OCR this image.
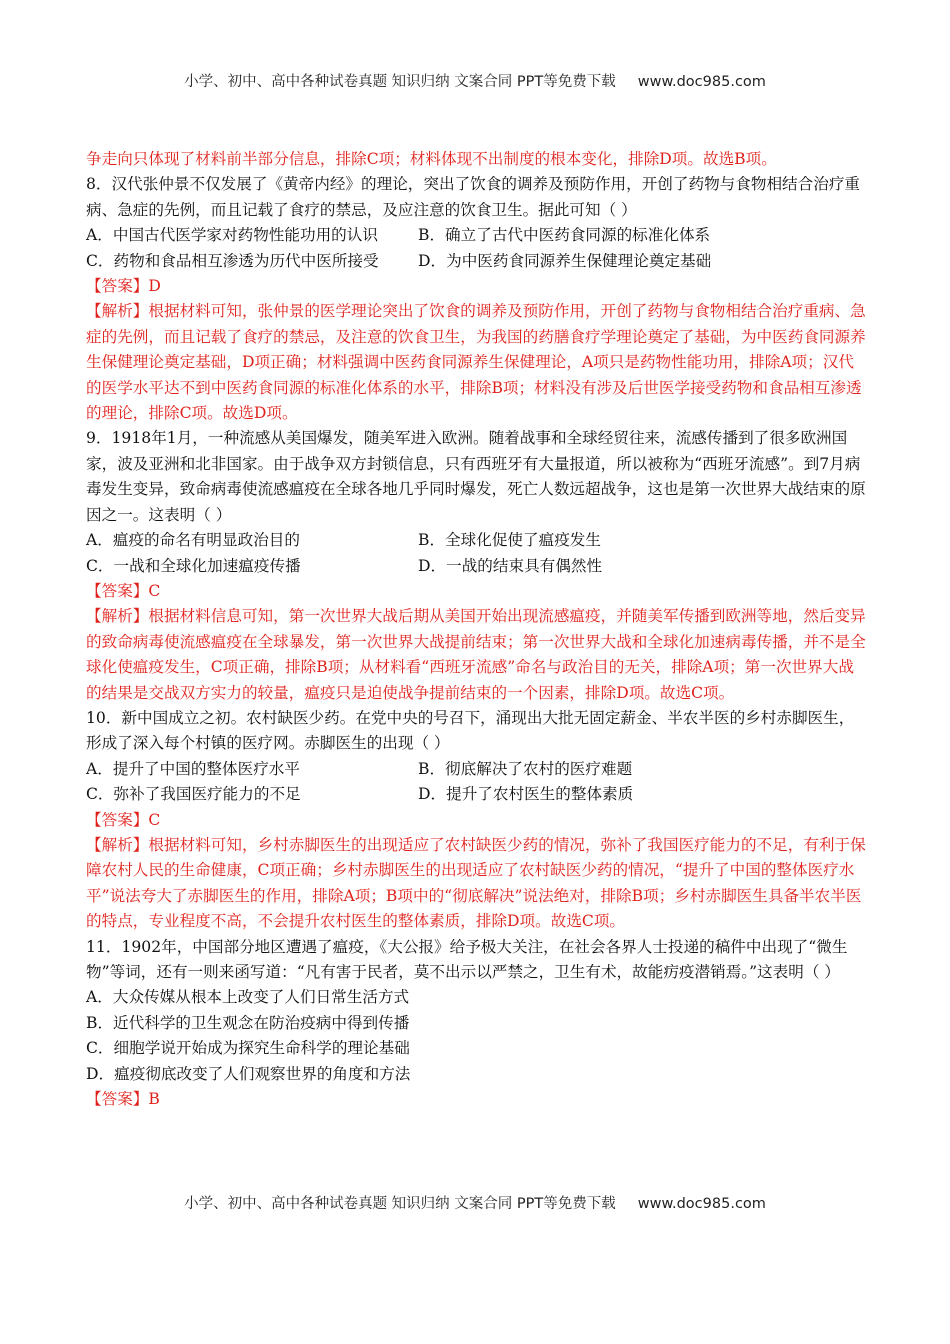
小学、初中、高中各种试卷真题 知识归纳 文案合同 PPT等免费下载 www.doc985.com

争走向只体现了材料前半部分信息，排除C项；材料体现不出制度的根本变化，排除D项。故选B项。

8．汉代张仲景不仅发展了《黄帝内经》的理论，突出了饮食的调养及预防作用，开创了药物与食物相结合治疗重病、急症的先例，而且记载了食疗的禁忌，及应注意的饮食卫生。据此可知（ ）

A．中国古代医学家对药物性能功用的认识	B．确立了古代中医药食同源的标准化体系
C．药物和食品相互渗透为历代中医所接受	D．为中医药食同源养生保健理论奠定基础

【答案】D

【解析】根据材料可知，张仲景的医学理论突出了饮食的调养及预防作用，开创了药物与食物相结合治疗重病、急症的先例，而且记载了食疗的禁忌，及注意的饮食卫生，为我国的药膳食疗学理论奠定了基础，为中医药食同源养生保健理论奠定基础，D项正确；材料强调中医药食同源养生保健理论，A项只是药物性能功用，排除A项；汉代的医学水平达不到中医药食同源的标准化体系的水平，排除B项；材料没有涉及后世医学接受药物和食品相互渗透的理论，排除C项。故选D项。

9．1918年1月，一种流感从美国爆发，随美军进入欧洲。随着战事和全球经贸往来，流感传播到了很多欧洲国家，波及亚洲和北非国家。由于战争双方封锁信息，只有西班牙有大量报道，所以被称为“西班牙流感”。到7月病毒发生变异，致命病毒使流感瘟疫在全球各地几乎同时爆发，死亡人数远超战争，这也是第一次世界大战结束的原因之一。这表明（ ）

A．瘟疫的命名有明显政治目的	B．全球化促使了瘟疫发生
C．一战和全球化加速瘟疫传播	D．一战的结束具有偶然性

【答案】C

【解析】根据材料信息可知，第一次世界大战后期从美国开始出现流感瘟疫，并随美军传播到欧洲等地，然后变异的致命病毒使流感瘟疫在全球暴发，第一次世界大战提前结束；第一次世界大战和全球化加速病毒传播，并不是全球化使瘟疫发生，C项正确，排除B项；从材料看“西班牙流感”命名与政治目的无关，排除A项；第一次世界大战的结果是交战双方实力的较量，瘟疫只是迫使战争提前结束的一个因素，排除D项。故选C项。

10．新中国成立之初。农村缺医少药。在党中央的号召下，涌现出大批无固定薪金、半农半医的乡村赤脚医生，形成了深入每个村镇的医疗网。赤脚医生的出现（ ）

A．提升了中国的整体医疗水平	B．彻底解决了农村的医疗难题
C．弥补了我国医疗能力的不足	D．提升了农村医生的整体素质

【答案】C

【解析】根据材料可知，乡村赤脚医生的出现适应了农村缺医少药的情况，弥补了我国医疗能力的不足，有利于保障农村人民的生命健康，C项正确；乡村赤脚医生的出现适应了农村缺医少药的情况，“提升了中国的整体医疗水平”说法夸大了赤脚医生的作用，排除A项；B项中的“彻底解决”说法绝对，排除B项；乡村赤脚医生具备半农半医的特点，专业程度不高，不会提升农村医生的整体素质，排除D项。故选C项。

11．1902年，中国部分地区遭遇了瘟疫，《大公报》给予极大关注，在社会各界人士投递的稿件中出现了“微生物”等词，还有一则来函写道：“凡有害于民者，莫不出示以严禁之，卫生有术，故能疠疫潜销焉。”这表明（ ）

A．大众传媒从根本上改变了人们日常生活方式

B．近代科学的卫生观念在防治疫病中得到传播

C．细胞学说开始成为探究生命科学的理论基础

D．瘟疫彻底改变了人们观察世界的角度和方法

【答案】B

小学、初中、高中各种试卷真题 知识归纳 文案合同 PPT等免费下载 www.doc985.com
